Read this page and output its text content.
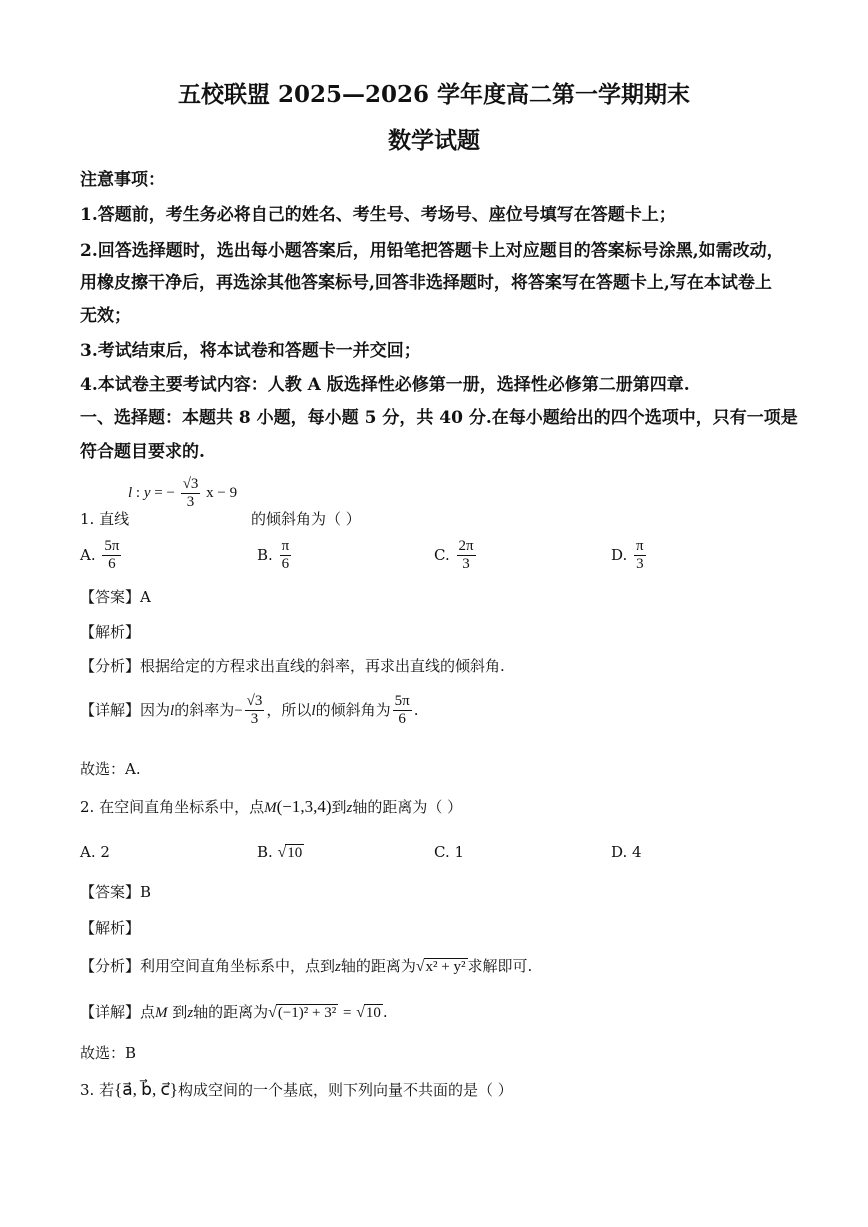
五校联盟 2025—2026 学年度高二第一学期期末
数学试题
注意事项：
1.答题前，考生务必将自己的姓名、考生号、考场号、座位号填写在答题卡上；
2.回答选择题时，选出每小题答案后，用铅笔把答题卡上对应题目的答案标号涂黑,如需改动，
用橡皮擦干净后，再选涂其他答案标号,回答非选择题时，将答案写在答题卡上,写在本试卷上
无效；
3.考试结束后，将本试卷和答题卡一并交回；
4.本试卷主要考试内容：人教 A 版选择性必修第一册，选择性必修第二册第四章.
一、选择题：本题共 8 小题，每小题 5 分，共 40 分.在每小题给出的四个选项中，只有一项是
符合题目要求的.
l : y = − $\frac{√3}{3}$ x − 9
1. 直线	的倾斜角为（ ）
A. $\frac{5\pi}{6}$	B. $\frac{\pi}{6}$	C. $\frac{2\pi}{3}$	D. $\frac{\pi}{3}$
【答案】A
【解析】
【分析】根据给定的方程求出直线的斜率，再求出直线的倾斜角.
【详解】因为l的斜率为− $\frac{√3}{3}$ ，所以l的倾斜角为 $\frac{5\pi}{6}$ .
故选：A.
2. 在空间直角坐标系中，点M(−1,3,4)到z轴的距离为（ ）
A. 2	B. √10	C. 1	D. 4
【答案】B
【解析】
【分析】利用空间直角坐标系中，点到z轴的距离为√x² + y² 求解即可.
【详解】点M 到z轴的距离为√(−1)² + 3² = √10 .
故选：B
3. 若{a⃗, b⃗, c⃗}构成空间的一个基底，则下列向量不共面的是（ ）
